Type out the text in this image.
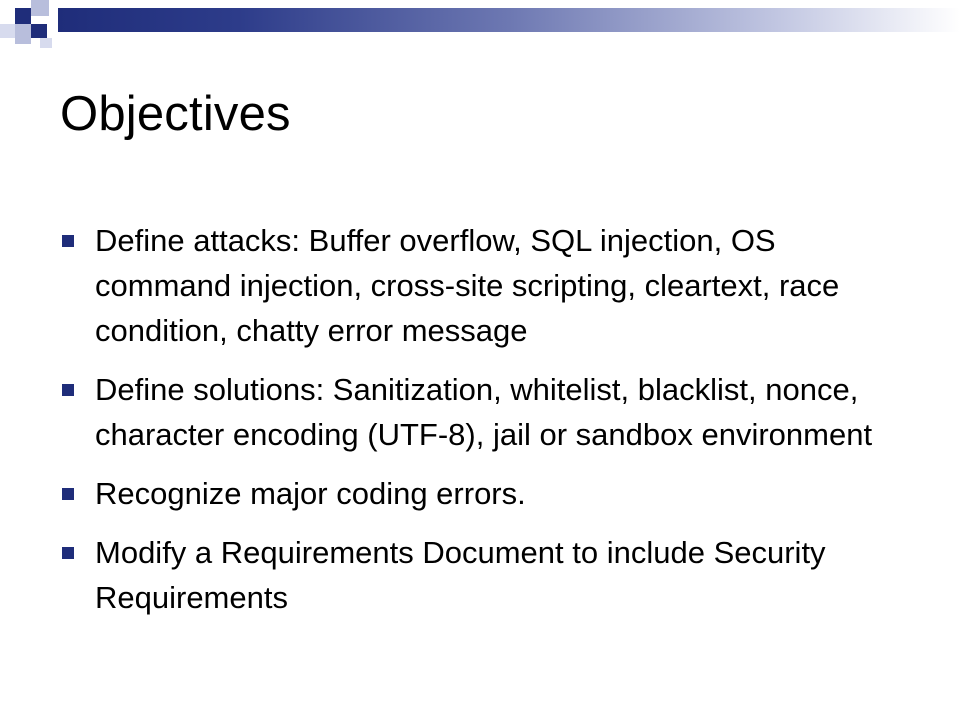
Objectives
Define attacks: Buffer overflow, SQL injection, OS command injection, cross-site scripting, cleartext, race condition, chatty error message
Define solutions: Sanitization, whitelist, blacklist, nonce, character encoding (UTF-8), jail or sandbox environment
Recognize major coding errors.
Modify a Requirements Document to include Security Requirements
